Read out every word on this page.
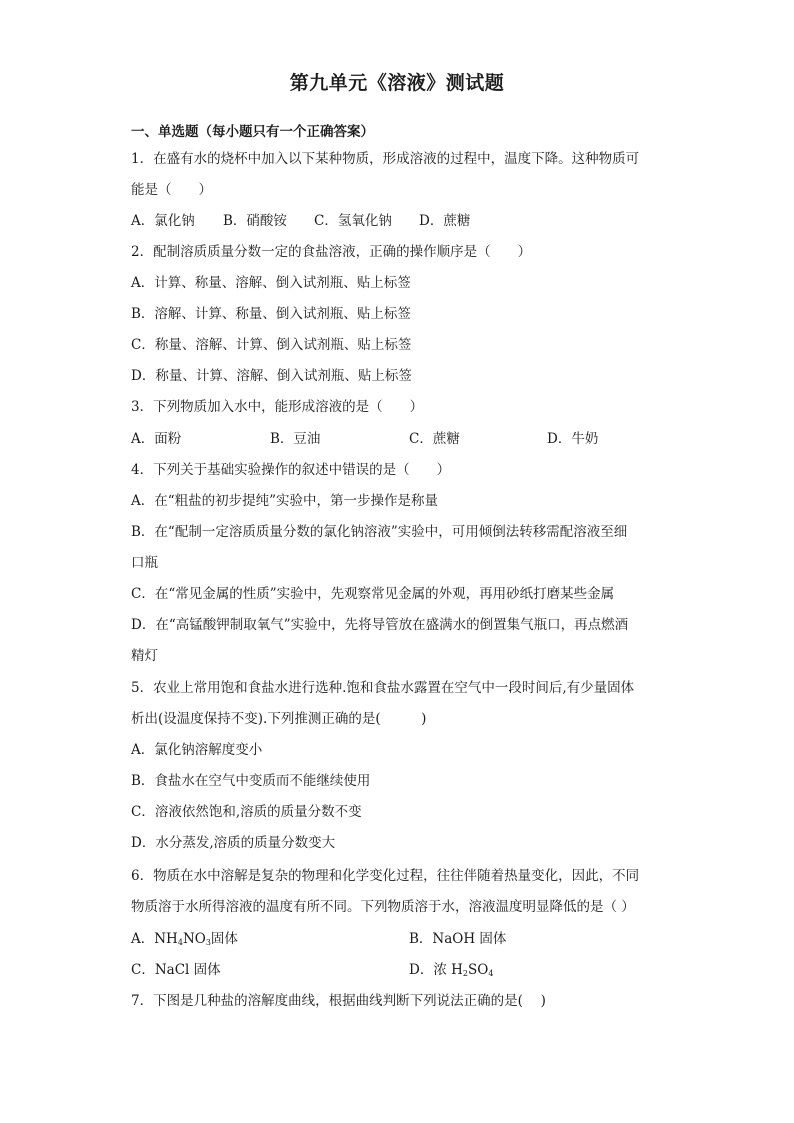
第九单元《溶液》测试题
一、单选题（每小题只有一个正确答案）
1．在盛有水的烧杯中加入以下某种物质，形成溶液的过程中，温度下降。这种物质可
能是（　　）
A．氯化钠 B．硝酸铵 C．氢氧化钠 D．蔗糖
2．配制溶质质量分数一定的食盐溶液，正确的操作顺序是（　　）
A．计算、称量、溶解、倒入试剂瓶、贴上标签
B．溶解、计算、称量、倒入试剂瓶、贴上标签
C．称量、溶解、计算、倒入试剂瓶、贴上标签
D．称量、计算、溶解、倒入试剂瓶、贴上标签
3．下列物质加入水中，能形成溶液的是（　　）
A．面粉	B．豆油	C．蔗糖	D．牛奶
4．下列关于基础实验操作的叙述中错误的是（　　）
A．在“粗盐的初步提纯”实验中，第一步操作是称量
B．在“配制一定溶质质量分数的氯化钠溶液”实验中，可用倾倒法转移需配溶液至细
口瓶
C．在“常见金属的性质”实验中，先观察常见金属的外观，再用砂纸打磨某些金属
D．在“高锰酸钾制取氧气”实验中，先将导管放在盛满水的倒置集气瓶口，再点燃酒
精灯
5．农业上常用饱和食盐水进行选种.饱和食盐水露置在空气中一段时间后,有少量固体
析出(设温度保持不变).下列推测正确的是(　　　)
A．氯化钠溶解度变小
B．食盐水在空气中变质而不能继续使用
C．溶液依然饱和,溶质的质量分数不变
D．水分蒸发,溶质的质量分数变大
6．物质在水中溶解是复杂的物理和化学变化过程，往往伴随着热量变化，因此，不同
物质溶于水所得溶液的温度有所不同。下列物质溶于水，溶液温度明显降低的是（ ）
A．$NH_4NO_3$固体	B．NaOH 固体
C．NaCl 固体	D．浓 $H_2SO_4$
7．下图是几种盐的溶解度曲线，根据曲线判断下列说法正确的是(　 )
